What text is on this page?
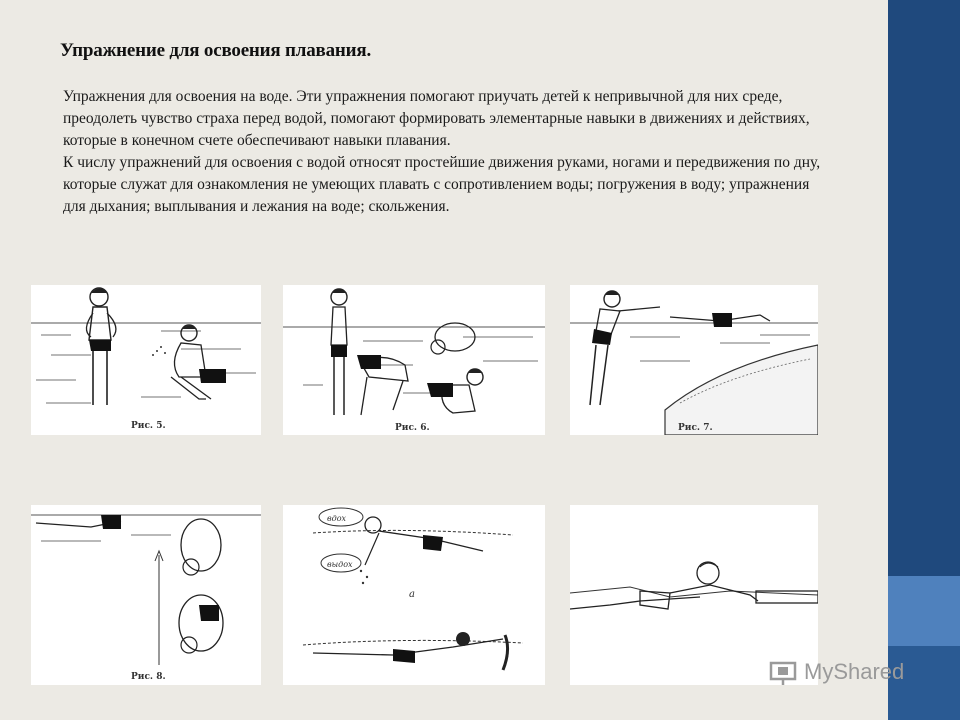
Упражнение для освоения плавания.

Упражнения для освоения на воде. Эти упражнения помогают приучать детей к непривычной для них среде, преодолеть чувство страха перед водой, помогают формировать элементарные навыки в движениях и действиях, которые в конечном счете обеспечивают навыки плавания.

К числу упражнений для освоения с водой относят простейшие движения руками, ногами и передвижения по дну, которые служат для ознакомления не умеющих плавать с сопротивлением воды; погружения в воду; упражнения для дыхания; выплывания и лежания на воде; скольжения.

Рис. 5.	Рис. 6.	Рис. 7.
Рис. 8.
вдох
выдох
а
MyShared
